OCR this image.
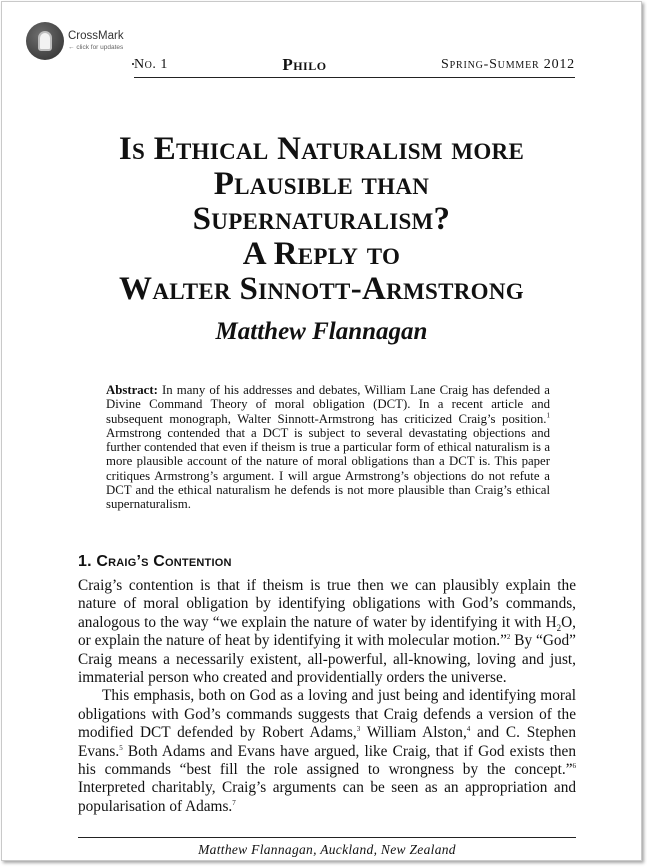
CrossMark
← click for updates
No. 1	Philo	Spring-Summer 2012
Is Ethical Naturalism more
Plausible than
Supernaturalism?
A Reply to
Walter Sinnott-Armstrong
Matthew Flannagan

Abstract: In many of his addresses and debates, William Lane Craig has defended a Divine Command Theory of moral obligation (DCT). In a recent article and subsequent monograph, Walter Sinnott-Armstrong has criticized Craig’s position.$^1$ Armstrong contended that a DCT is subject to several devastating objections and further contended that even if theism is true a particular form of ethical naturalism is a more plausible account of the nature of moral obligations than a DCT is. This paper critiques Armstrong’s argument. I will argue Armstrong’s objections do not refute a DCT and the ethical naturalism he defends is not more plausible than Craig’s ethical supernaturalism.

1. Craig’s Contention

Craig’s contention is that if theism is true then we can plausibly explain the nature of moral obligation by identifying obligations with God’s commands, analogous to the way “we explain the nature of water by identifying it with $H_2O$, or explain the nature of heat by identifying it with molecular motion.”$^2$ By “God” Craig means a necessarily existent, all-powerful, all-knowing, loving and just, immaterial person who created and providentially orders the universe.

This emphasis, both on God as a loving and just being and identifying moral obligations with God’s commands suggests that Craig defends a version of the modified DCT defended by Robert Adams,$^3$ William Alston,$^4$ and C. Stephen Evans.$^5$ Both Adams and Evans have argued, like Craig, that if God exists then his commands “best fill the role assigned to wrongness by the concept.”$^6$ Interpreted charitably, Craig’s arguments can be seen as an appropriation and popularisation of Adams.$^7$

Matthew Flannagan, Auckland, New Zealand
